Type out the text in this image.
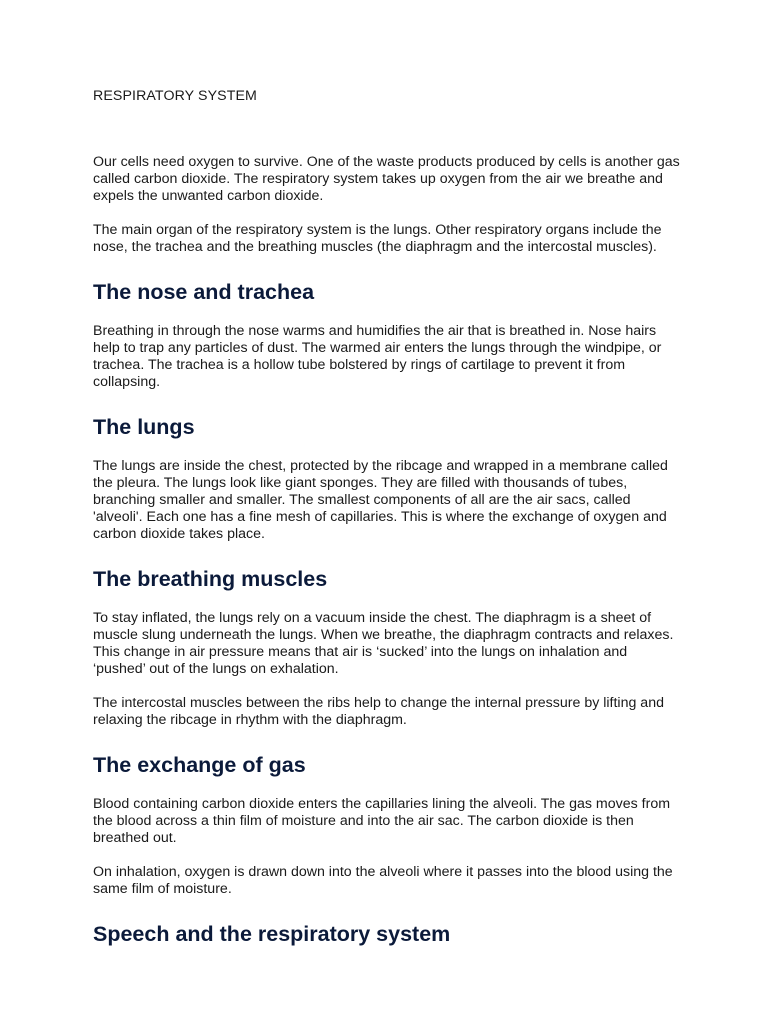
RESPIRATORY SYSTEM

Our cells need oxygen to survive. One of the waste products produced by cells is another gas called carbon dioxide. The respiratory system takes up oxygen from the air we breathe and expels the unwanted carbon dioxide.

The main organ of the respiratory system is the lungs. Other respiratory organs include the nose, the trachea and the breathing muscles (the diaphragm and the intercostal muscles).

The nose and trachea

Breathing in through the nose warms and humidifies the air that is breathed in. Nose hairs help to trap any particles of dust. The warmed air enters the lungs through the windpipe, or trachea. The trachea is a hollow tube bolstered by rings of cartilage to prevent it from collapsing.

The lungs

The lungs are inside the chest, protected by the ribcage and wrapped in a membrane called the pleura. The lungs look like giant sponges. They are filled with thousands of tubes, branching smaller and smaller. The smallest components of all are the air sacs, called 'alveoli'. Each one has a fine mesh of capillaries. This is where the exchange of oxygen and carbon dioxide takes place.

The breathing muscles

To stay inflated, the lungs rely on a vacuum inside the chest. The diaphragm is a sheet of muscle slung underneath the lungs. When we breathe, the diaphragm contracts and relaxes. This change in air pressure means that air is ‘sucked’ into the lungs on inhalation and ‘pushed’ out of the lungs on exhalation.

The intercostal muscles between the ribs help to change the internal pressure by lifting and relaxing the ribcage in rhythm with the diaphragm.

The exchange of gas

Blood containing carbon dioxide enters the capillaries lining the alveoli. The gas moves from the blood across a thin film of moisture and into the air sac. The carbon dioxide is then breathed out.

On inhalation, oxygen is drawn down into the alveoli where it passes into the blood using the same film of moisture.

Speech and the respiratory system
